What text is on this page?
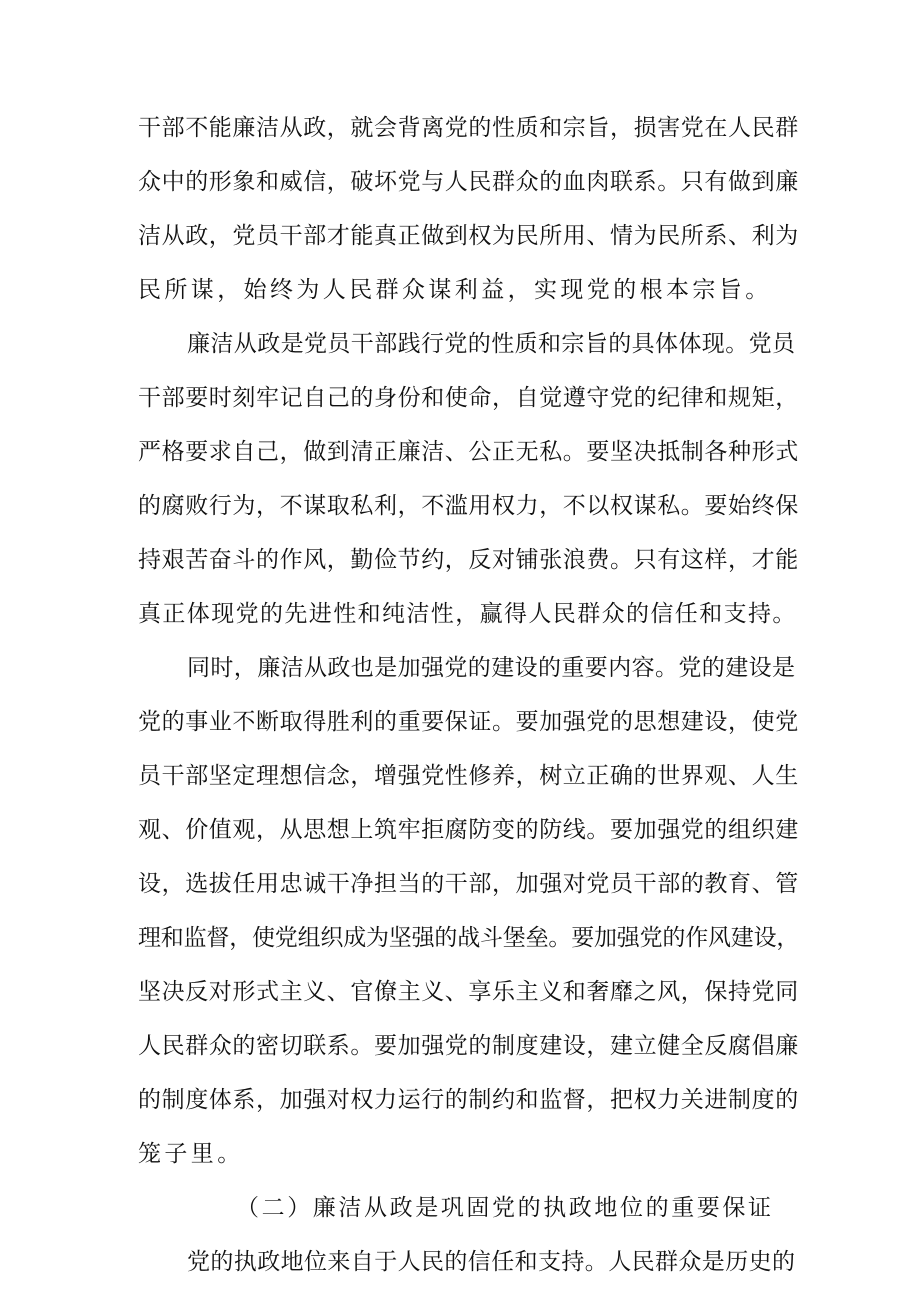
干部不能廉洁从政，就会背离党的性质和宗旨，损害党在人民群
众中的形象和威信，破坏党与人民群众的血肉联系。只有做到廉
洁从政，党员干部才能真正做到权为民所用、情为民所系、利为
民所谋，始终为人民群众谋利益，实现党的根本宗旨。
廉洁从政是党员干部践行党的性质和宗旨的具体体现。党员
干部要时刻牢记自己的身份和使命，自觉遵守党的纪律和规矩，
严格要求自己，做到清正廉洁、公正无私。要坚决抵制各种形式
的腐败行为，不谋取私利，不滥用权力，不以权谋私。要始终保
持艰苦奋斗的作风，勤俭节约，反对铺张浪费。只有这样，才能
真正体现党的先进性和纯洁性，赢得人民群众的信任和支持。
同时，廉洁从政也是加强党的建设的重要内容。党的建设是
党的事业不断取得胜利的重要保证。要加强党的思想建设，使党
员干部坚定理想信念，增强党性修养，树立正确的世界观、人生
观、价值观，从思想上筑牢拒腐防变的防线。要加强党的组织建
设，选拔任用忠诚干净担当的干部，加强对党员干部的教育、管
理和监督，使党组织成为坚强的战斗堡垒。要加强党的作风建设，
坚决反对形式主义、官僚主义、享乐主义和奢靡之风，保持党同
人民群众的密切联系。要加强党的制度建设，建立健全反腐倡廉
的制度体系，加强对权力运行的制约和监督，把权力关进制度的
笼子里。
（二）廉洁从政是巩固党的执政地位的重要保证
党的执政地位来自于人民的信任和支持。人民群众是历史的
